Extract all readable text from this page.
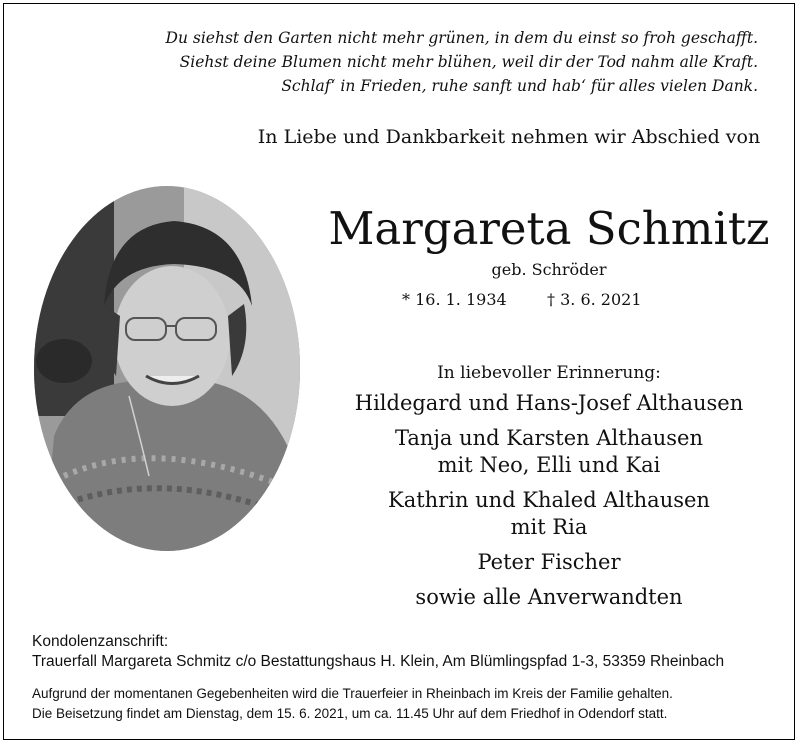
Du siehst den Garten nicht mehr grünen, in dem du einst so froh geschafft.
Siehst deine Blumen nicht mehr blühen, weil dir der Tod nahm alle Kraft.
Schlaf‘ in Frieden, ruhe sanft und hab‘ für alles vielen Dank.
In Liebe und Dankbarkeit nehmen wir Abschied von
Margareta Schmitz
geb. Schröder
* 16. 1. 1934	† 3. 6. 2021
In liebevoller Erinnerung:
Hildegard und Hans-Josef Althausen
Tanja und Karsten Althausen
mit Neo, Elli und Kai
Kathrin und Khaled Althausen
mit Ria
Peter Fischer
sowie alle Anverwandten
Kondolenzanschrift:
Trauerfall Margareta Schmitz c/o Bestattungshaus H. Klein, Am Blümlingspfad 1-3, 53359 Rheinbach
Aufgrund der momentanen Gegebenheiten wird die Trauerfeier in Rheinbach im Kreis der Familie gehalten.
Die Beisetzung findet am Dienstag, dem 15. 6. 2021, um ca. 11.45 Uhr auf dem Friedhof in Odendorf statt.
